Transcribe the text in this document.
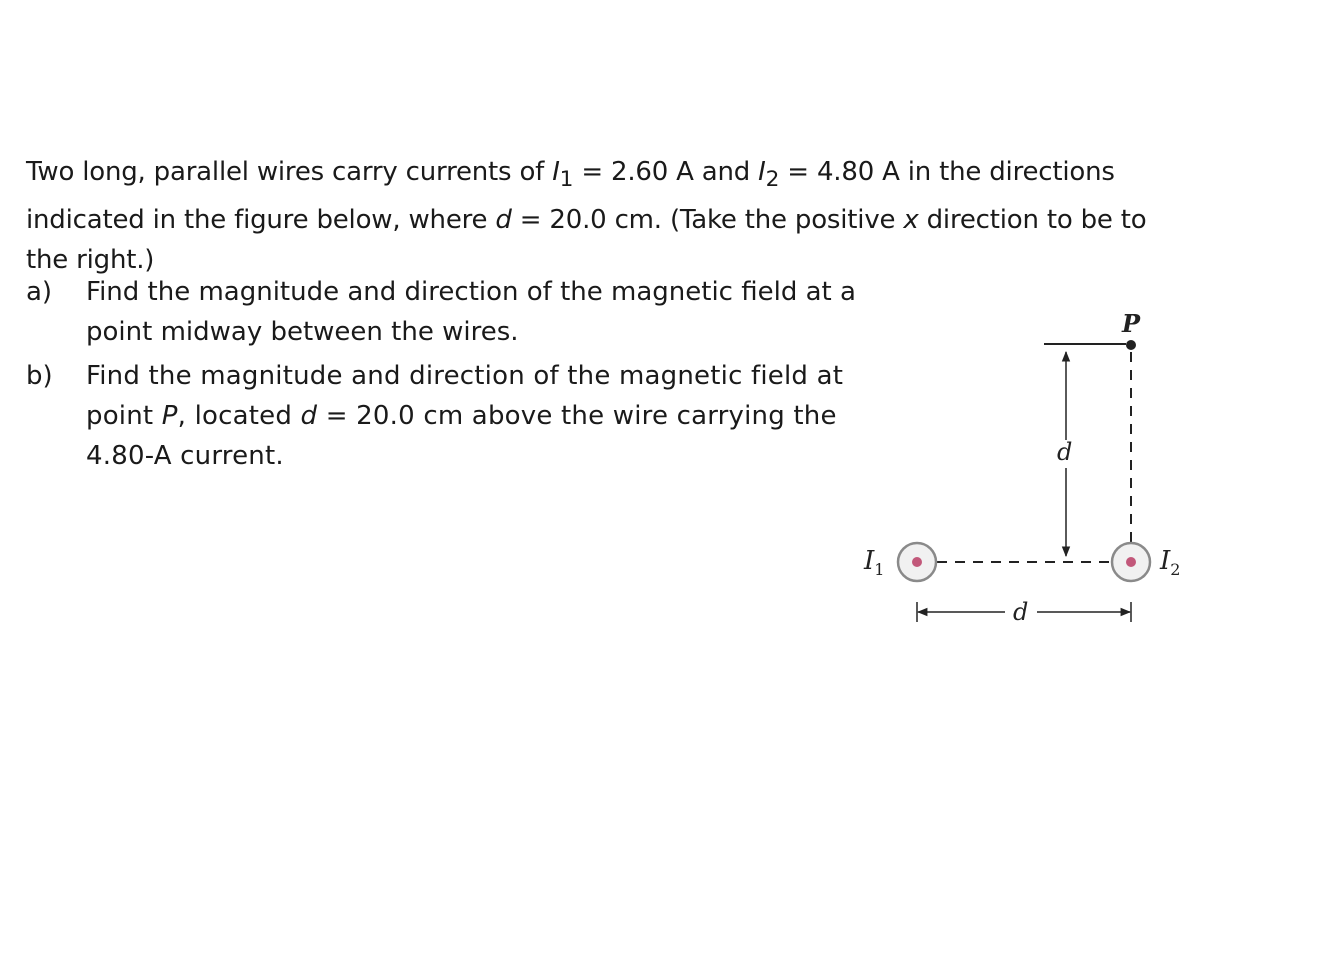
Two long, parallel wires carry currents of $I_1 = 2.60$ A and $I_2 = 4.80$ A in the directions indicated in the figure below, where d = 20.0 cm. (Take the positive x direction to be to the right.)
a)	Find the magnitude and direction of the magnetic field at a point midway between the wires.
b)	Find the magnitude and direction of the magnetic field at point P, located d = 20.0 cm above the wire carrying the 4.80-A current.
P
d
$I_1$	$I_2$
d
